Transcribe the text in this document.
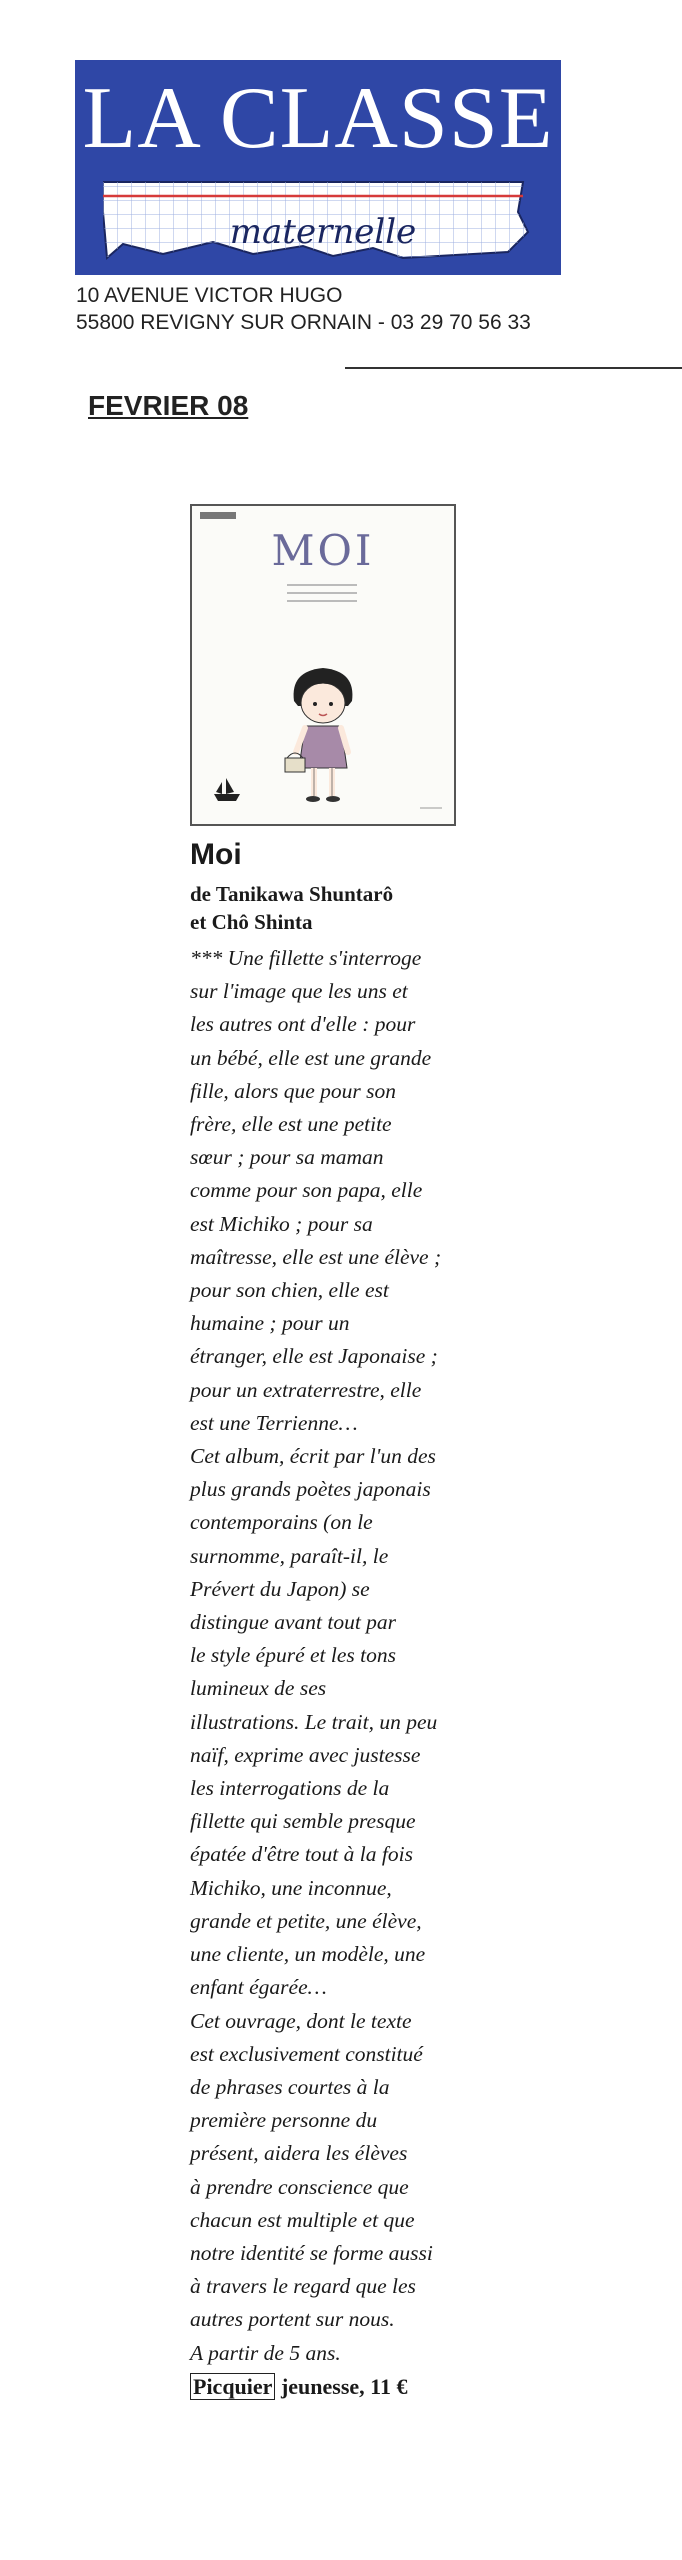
LA CLASSE
maternelle
10 AVENUE VICTOR HUGO
55800 REVIGNY SUR ORNAIN - 03 29 70 56 33
FEVRIER 08
MOI
Moi
de Tanikawa Shuntarô
et Chô Shinta
*** Une fillette s'interroge
sur l'image que les uns et
les autres ont d'elle : pour
un bébé, elle est une grande
fille, alors que pour son
frère, elle est une petite
sœur ; pour sa maman
comme pour son papa, elle
est Michiko ; pour sa
maîtresse, elle est une élève ;
pour son chien, elle est
humaine ; pour un
étranger, elle est Japonaise ;
pour un extraterrestre, elle
est une Terrienne…
Cet album, écrit par l'un des
plus grands poètes japonais
contemporains (on le
surnomme, paraît-il, le
Prévert du Japon) se
distingue avant tout par
le style épuré et les tons
lumineux de ses
illustrations. Le trait, un peu
naïf, exprime avec justesse
les interrogations de la
fillette qui semble presque
épatée d'être tout à la fois
Michiko, une inconnue,
grande et petite, une élève,
une cliente, un modèle, une
enfant égarée…
Cet ouvrage, dont le texte
est exclusivement constitué
de phrases courtes à la
première personne du
présent, aidera les élèves
à prendre conscience que
chacun est multiple et que
notre identité se forme aussi
à travers le regard que les
autres portent sur nous.
A partir de 5 ans.
Picquier jeunesse, 11 €
